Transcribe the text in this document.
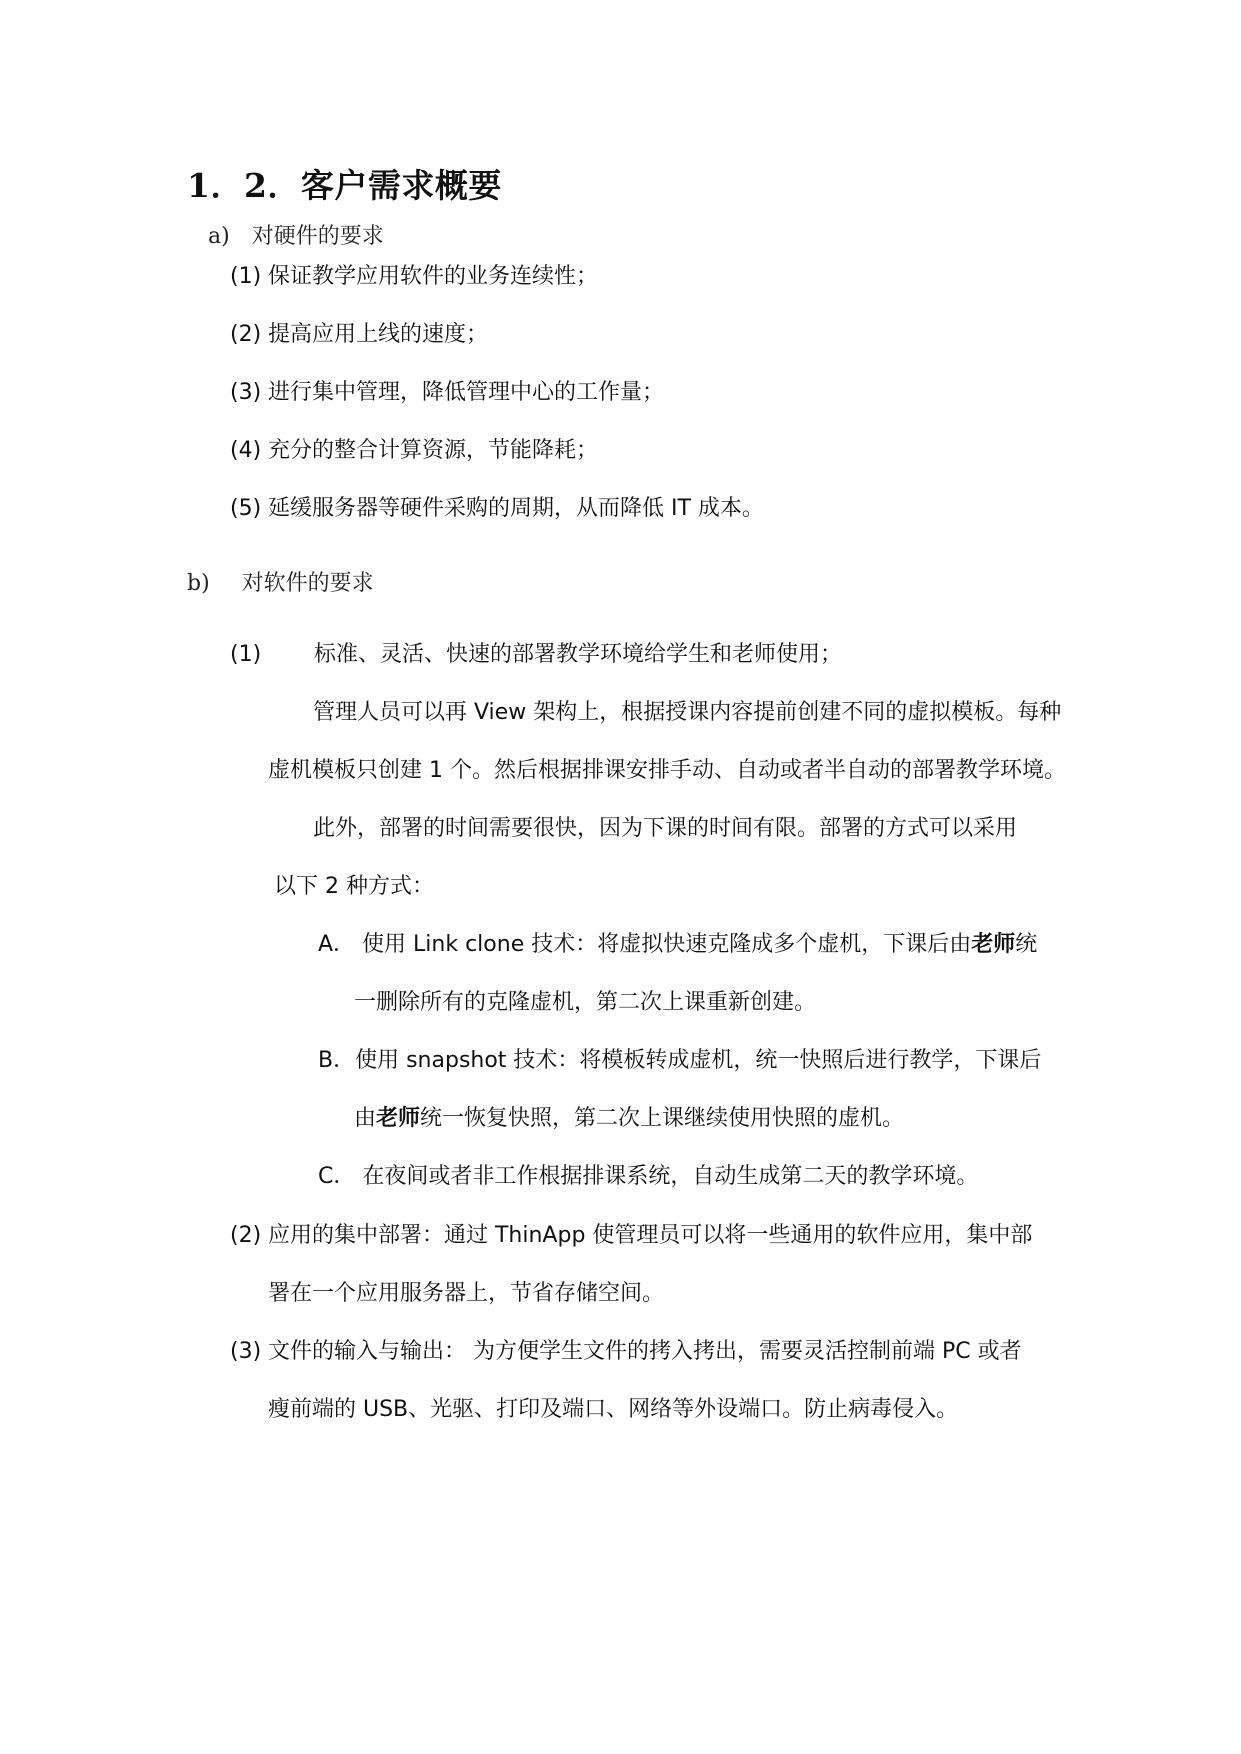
1．2．客户需求概要
a) 对硬件的要求
(1) 保证教学应用软件的业务连续性；
(2) 提高应用上线的速度；
(3) 进行集中管理，降低管理中心的工作量；
(4) 充分的整合计算资源，节能降耗；
(5) 延缓服务器等硬件采购的周期，从而降低 IT 成本。
b) 对软件的要求
(1) 标准、灵活、快速的部署教学环境给学生和老师使用；
管理人员可以再 View 架构上，根据授课内容提前创建不同的虚拟模板。每种
虚机模板只创建 1 个。然后根据排课安排手动、自动或者半自动的部署教学环境。
此外，部署的时间需要很快，因为下课的时间有限。部署的方式可以采用
以下 2 种方式：
A． 使用 Link clone 技术：将虚拟快速克隆成多个虚机，下课后由老师统
一删除所有的克隆虚机，第二次上课重新创建。
B．使用 snapshot 技术：将模板转成虚机，统一快照后进行教学，下课后
由老师统一恢复快照，第二次上课继续使用快照的虚机。
C． 在夜间或者非工作根据排课系统，自动生成第二天的教学环境。
(2) 应用的集中部署：通过 ThinApp 使管理员可以将一些通用的软件应用，集中部
署在一个应用服务器上，节省存储空间。
(3) 文件的输入与输出： 为方便学生文件的拷入拷出，需要灵活控制前端 PC 或者
瘦前端的 USB、光驱、打印及端口、网络等外设端口。防止病毒侵入。
